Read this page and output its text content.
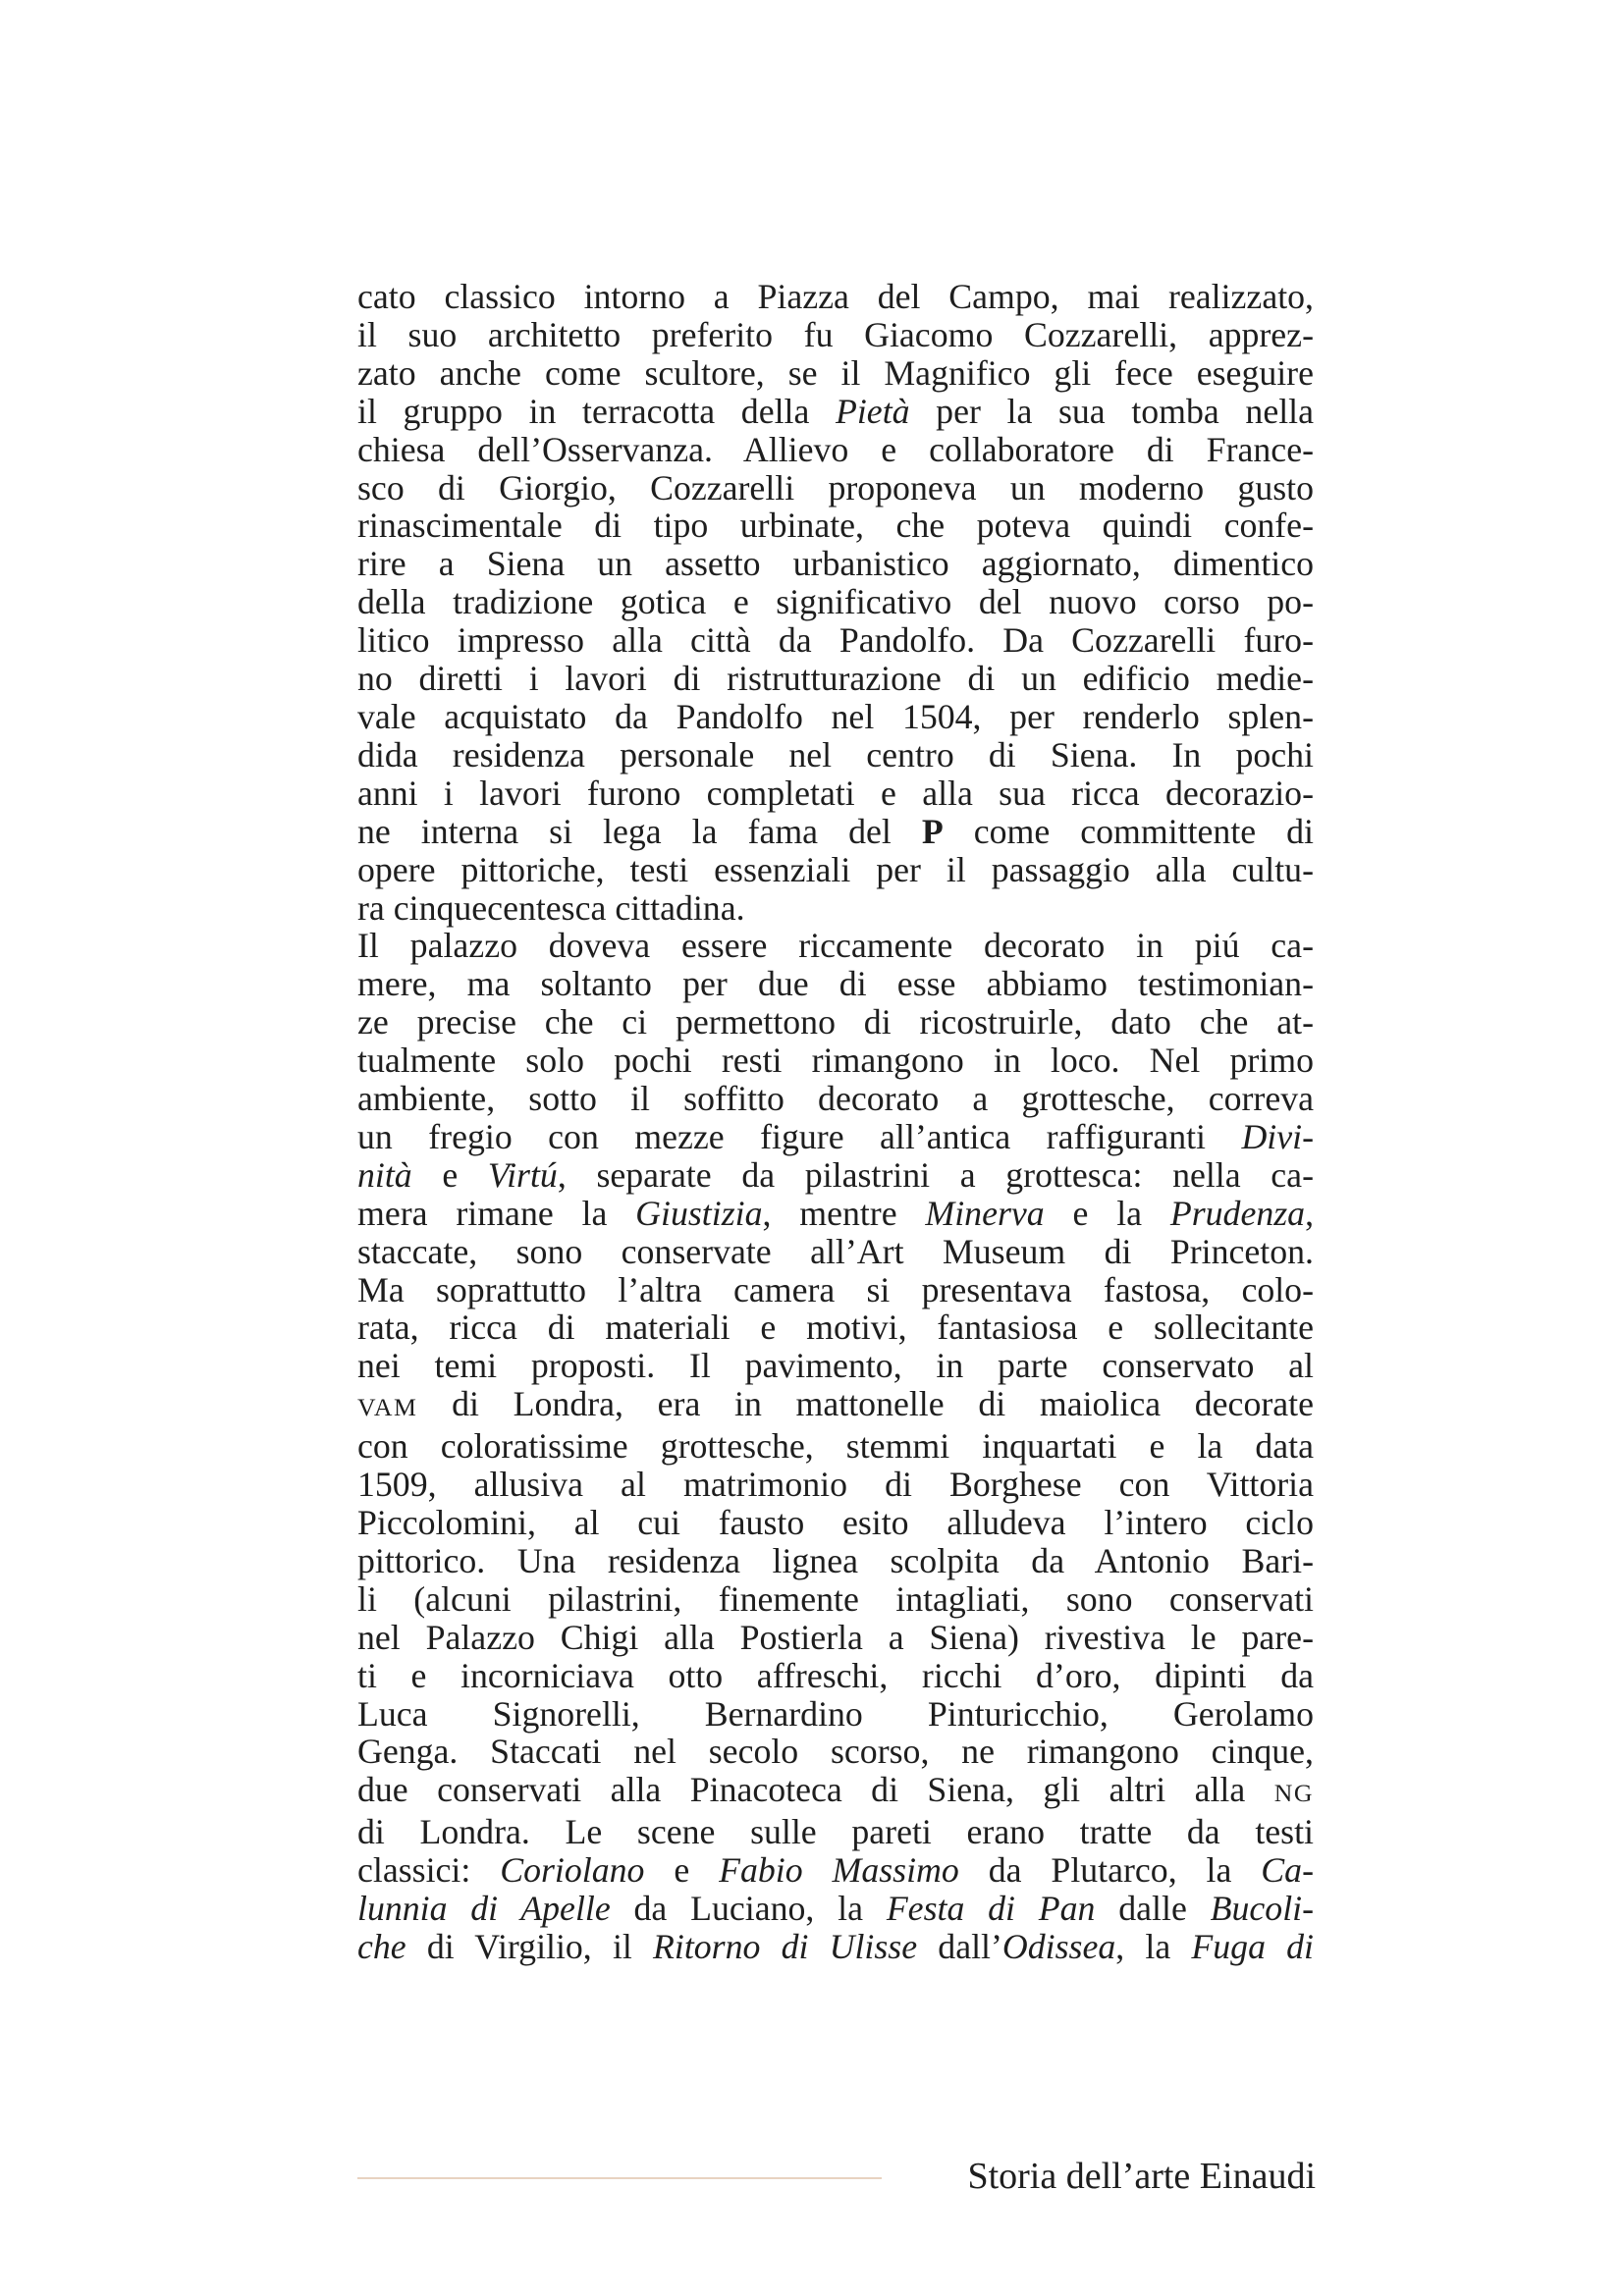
cato classico intorno a Piazza del Campo, mai realizzato,
il suo architetto preferito fu Giacomo Cozzarelli, apprez-
zato anche come scultore, se il Magnifico gli fece eseguire
il gruppo in terracotta della Pietà per la sua tomba nella
chiesa dell’Osservanza. Allievo e collaboratore di France-
sco di Giorgio, Cozzarelli proponeva un moderno gusto
rinascimentale di tipo urbinate, che poteva quindi confe-
rire a Siena un assetto urbanistico aggiornato, dimentico
della tradizione gotica e significativo del nuovo corso po-
litico impresso alla città da Pandolfo. Da Cozzarelli furo-
no diretti i lavori di ristrutturazione di un edificio medie-
vale acquistato da Pandolfo nel 1504, per renderlo splen-
dida residenza personale nel centro di Siena. In pochi
anni i lavori furono completati e alla sua ricca decorazio-
ne interna si lega la fama del P come committente di
opere pittoriche, testi essenziali per il passaggio alla cultu-
ra cinquecentesca cittadina.
Il palazzo doveva essere riccamente decorato in piú ca-
mere, ma soltanto per due di esse abbiamo testimonian-
ze precise che ci permettono di ricostruirle, dato che at-
tualmente solo pochi resti rimangono in loco. Nel primo
ambiente, sotto il soffitto decorato a grottesche, correva
un fregio con mezze figure all’antica raffiguranti Divi-
nità e Virtú, separate da pilastrini a grottesca: nella ca-
mera rimane la Giustizia, mentre Minerva e la Prudenza,
staccate, sono conservate all’Art Museum di Princeton.
Ma soprattutto l’altra camera si presentava fastosa, colo-
rata, ricca di materiali e motivi, fantasiosa e sollecitante
nei temi proposti. Il pavimento, in parte conservato al
VAM di Londra, era in mattonelle di maiolica decorate
con coloratissime grottesche, stemmi inquartati e la data
1509, allusiva al matrimonio di Borghese con Vittoria
Piccolomini, al cui fausto esito alludeva l’intero ciclo
pittorico. Una residenza lignea scolpita da Antonio Bari-
li (alcuni pilastrini, finemente intagliati, sono conservati
nel Palazzo Chigi alla Postierla a Siena) rivestiva le pare-
ti e incorniciava otto affreschi, ricchi d’oro, dipinti da
Luca Signorelli, Bernardino Pinturicchio, Gerolamo
Genga. Staccati nel secolo scorso, ne rimangono cinque,
due conservati alla Pinacoteca di Siena, gli altri alla NG
di Londra. Le scene sulle pareti erano tratte da testi
classici: Coriolano e Fabio Massimo da Plutarco, la Ca-
lunnia di Apelle da Luciano, la Festa di Pan dalle Bucoli-
che di Virgilio, il Ritorno di Ulisse dall’Odissea, la Fuga di
Storia dell’arte Einaudi
